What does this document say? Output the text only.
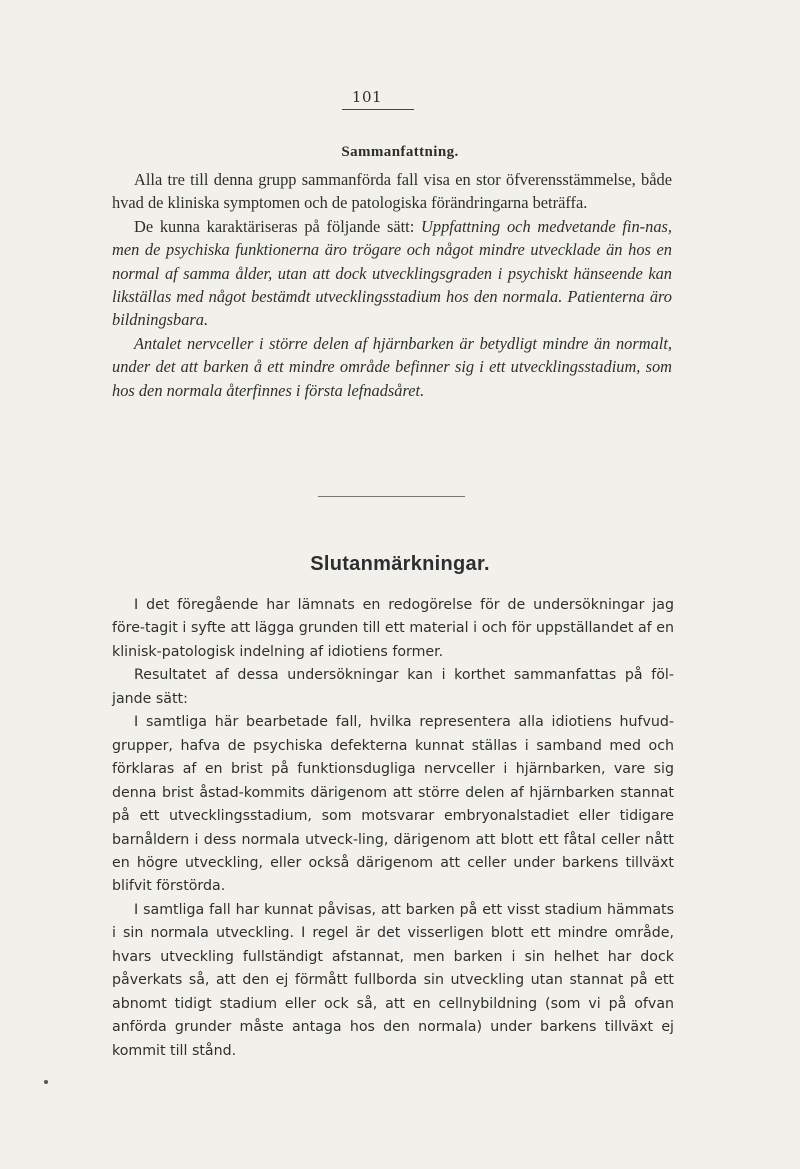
101
Sammanfattning.

Alla tre till denna grupp sammanförda fall visa en stor öfverensstämmelse, både hvad de kliniska symptomen och de patologiska förändringarna beträffa.

De kunna karaktäriseras på följande sätt: Uppfattning och medvetande fin-nas, men de psychiska funktionerna äro trögare och något mindre utvecklade än hos en normal af samma ålder, utan att dock utvecklingsgraden i psychiskt hänseende kan likställas med något bestämdt utvecklingsstadium hos den normala. Patienterna äro bildningsbara.

Antalet nervceller i större delen af hjärnbarken är betydligt mindre än normalt, under det att barken å ett mindre område befinner sig i ett utvecklingsstadium, som hos den normala återfinnes i första lefnadsåret.

Slutanmärkningar.

I det föregående har lämnats en redogörelse för de undersökningar jag före-tagit i syfte att lägga grunden till ett material i och för uppställandet af en klinisk-patologisk indelning af idiotiens former.

Resultatet af dessa undersökningar kan i korthet sammanfattas på föl-jande sätt:

I samtliga här bearbetade fall, hvilka representera alla idiotiens hufvud-grupper, hafva de psychiska defekterna kunnat ställas i samband med och förklaras af en brist på funktionsdugliga nervceller i hjärnbarken, vare sig denna brist åstad-kommits därigenom att större delen af hjärnbarken stannat på ett utvecklingsstadium, som motsvarar embryonalstadiet eller tidigare barnåldern i dess normala utveck-ling, därigenom att blott ett fåtal celler nått en högre utveckling, eller också därigenom att celler under barkens tillväxt blifvit förstörda.

I samtliga fall har kunnat påvisas, att barken på ett visst stadium hämmats i sin normala utveckling. I regel är det visserligen blott ett mindre område, hvars utveckling fullständigt afstannat, men barken i sin helhet har dock påverkats så, att den ej förmått fullborda sin utveckling utan stannat på ett abnomt tidigt stadium eller ock så, att en cellnybildning (som vi på ofvan anförda grunder måste antaga hos den normala) under barkens tillväxt ej kommit till stånd.
